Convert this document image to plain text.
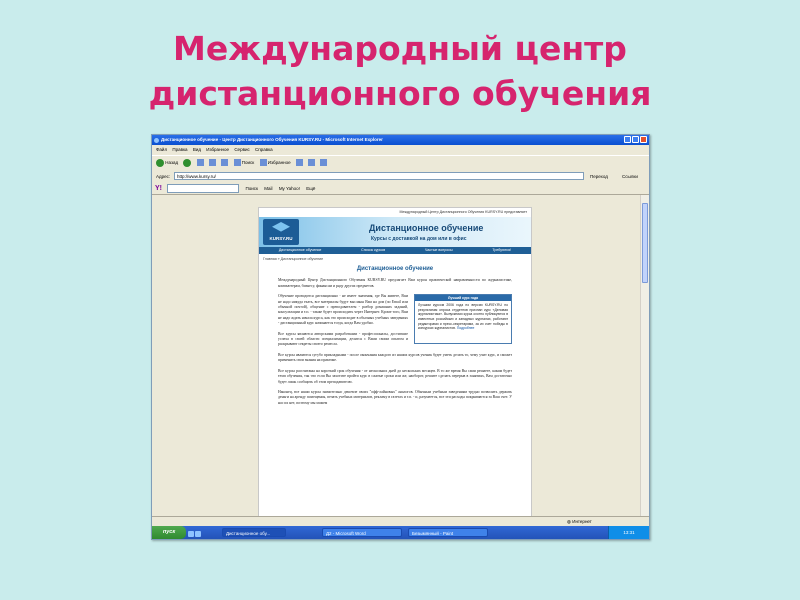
Международный центр
дистанционного обучения
Дистанционное обучение - Центр Дистанционного Обучения KURSY.RU - Microsoft Internet Explorer
Файл Правка Вид Избранное Сервис Справка
Назад	Поиск	Избранное
Адрес:	http://www.kursy.ru/	Переход	Ссылки
Y!	Поиск Mail My Yahoo! Ещё
Международный Центр Дистанционного Обучения KURSY.RU представляет
KURSY.RU
Дистанционное обучение
Курсы с доставкой на дом или в офис
Дистанционное обучение	Список курсов	Частые вопросы	Требуются!
Главная » Дистанционное обучение
Дистанционное обучение

Международный Центр Дистанционного Обучения KURSY.RU предлагает Вам курсы практической направленности по журналистике, компьютерам, бизнесу, финансам и ряду других предметов.

Лучший курс года
Лучшим курсом 2006 года по версии KURSY.RU по результатам опроса студентов признан курс «Деловая журналистика». Выпускники курса охотно публикуются в известных российских и западных журналах, работают редакторами и пресс-секретарями, за их счет победы в конкурсах журналистов. Подробнее

Обучение проводится дистанционно - не имеет значения, где Вы живете, Вам не надо никуда ехать, все материалы будут высланы Вам на дом (по Email или обычной почтой), общение с преподавателем - разбор домашних заданий, консультации и т.п. - также будет происходить через Интернет. Кроме того, Вам не надо ждать начала курса, как это происходит в обычных учебных заведениях - дистанционный курс начинается тогда, когда Вам удобно.

Все курсы являются авторскими разработками - профессионалы, достигшие успеха в своей области специализации, делятся с Вами своим опытом и раскрывают секреты своего ремесла.

Все курсы являются сугубо прикладными - после окончания каждого из наших курсов ученик будет уметь делать то, чему учит курс, и сможет применить свои знания на практике.

Все курсы рассчитаны на короткий срок обучения - от нескольких дней до нескольких месяцев. В то же время Вы сами решаете, каким будет темп обучения, так что если Вы захотите пройти курс в сжатые сроки или же, наоборот, решите сделать перерыв в занятиях, Вам достаточно будет лишь сообщить об этом преподавателю.

Наконец, все наши курсы значительно дешевле своих "офф-лайновых" аналогов. Обычным учебным заведениям трудно позволить держать деньги на аренду помещения, печать учебных материалов, рекламу в газетах и т.п. - и, разумеется, все эти расходы покрываются за Ваш счет. У нас их нет, поэтому мы можем

◍ Интернет
пуск	Дистанционное обу...	Д2 - Microsoft Word	Безымянный - Paint	13:31
